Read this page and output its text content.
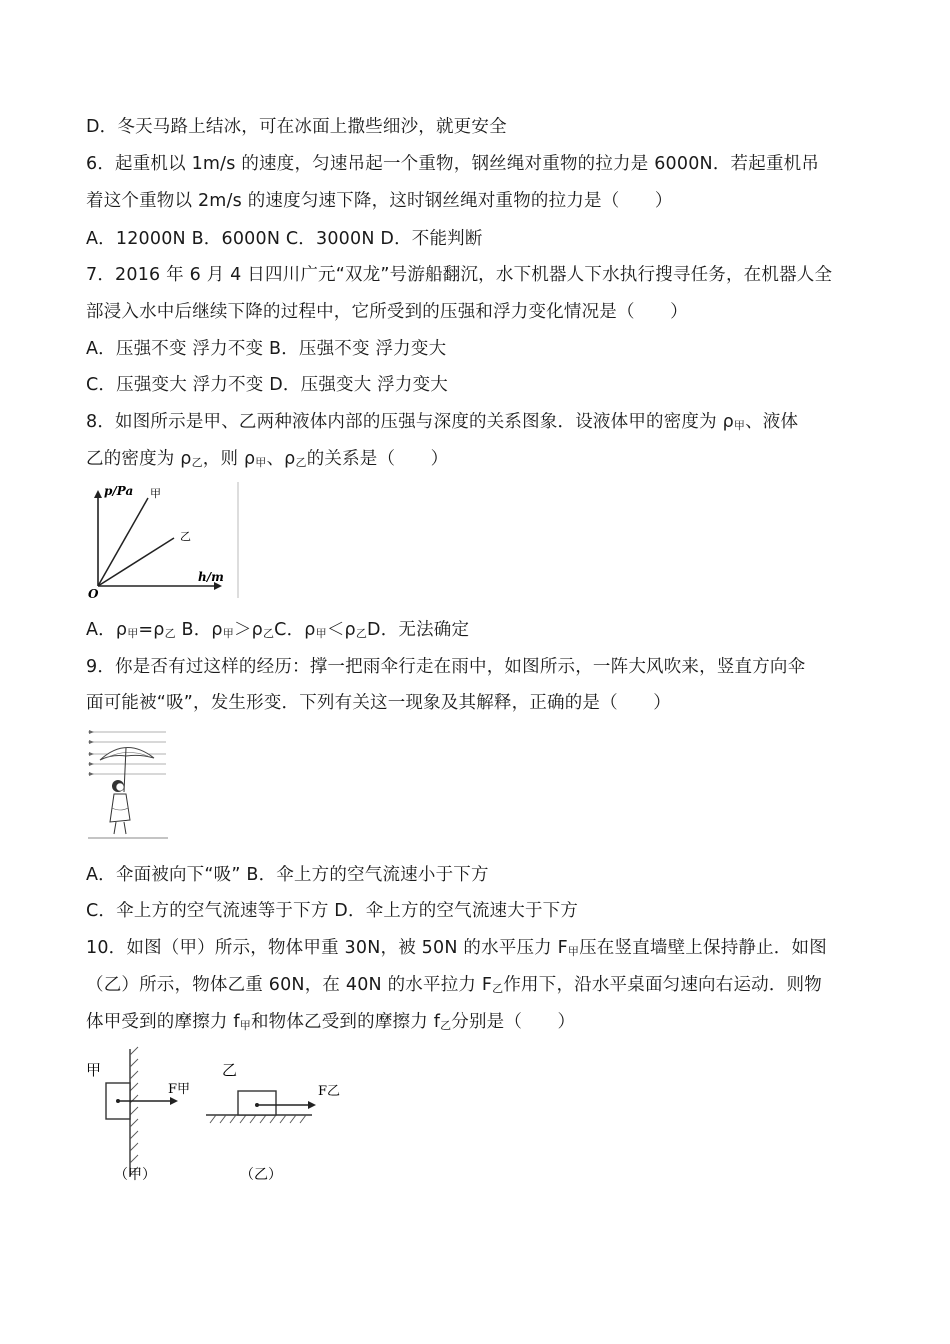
D．冬天马路上结冰，可在冰面上撒些细沙，就更安全
6．起重机以 1m/s 的速度，匀速吊起一个重物，钢丝绳对重物的拉力是 6000N．若起重机吊
着这个重物以 2m/s 的速度匀速下降，这时钢丝绳对重物的拉力是（　　）
A．12000N B．6000N C．3000N D．不能判断
7．2016 年 6 月 4 日四川广元“双龙”号游船翻沉，水下机器人下水执行搜寻任务，在机器人全
部浸入水中后继续下降的过程中，它所受到的压强和浮力变化情况是（　　）
A．压强不变 浮力不变 B．压强不变 浮力变大
C．压强变大 浮力不变 D．压强变大 浮力变大
8．如图所示是甲、乙两种液体内部的压强与深度的关系图象．设液体甲的密度为 ρ甲、液体
乙的密度为 ρ乙，则 ρ甲、ρ乙的关系是（　　）
p/Pa 甲
乙
h/m
O
A．ρ甲=ρ乙 B．ρ甲＞ρ乙C．ρ甲＜ρ乙D．无法确定
9．你是否有过这样的经历：撑一把雨伞行走在雨中，如图所示，一阵大风吹来，竖直方向伞
面可能被“吸”，发生形变．下列有关这一现象及其解释，正确的是（　　）
A．伞面被向下“吸” B．伞上方的空气流速小于下方
C．伞上方的空气流速等于下方 D．伞上方的空气流速大于下方
10．如图（甲）所示，物体甲重 30N，被 50N 的水平压力 F甲压在竖直墙壁上保持静止．如图
（乙）所示，物体乙重 60N，在 40N 的水平拉力 F乙作用下，沿水平桌面匀速向右运动．则物
体甲受到的摩擦力 f甲和物体乙受到的摩擦力 f乙分别是（　　）
甲
F甲
（甲）
乙
F乙
（乙）
